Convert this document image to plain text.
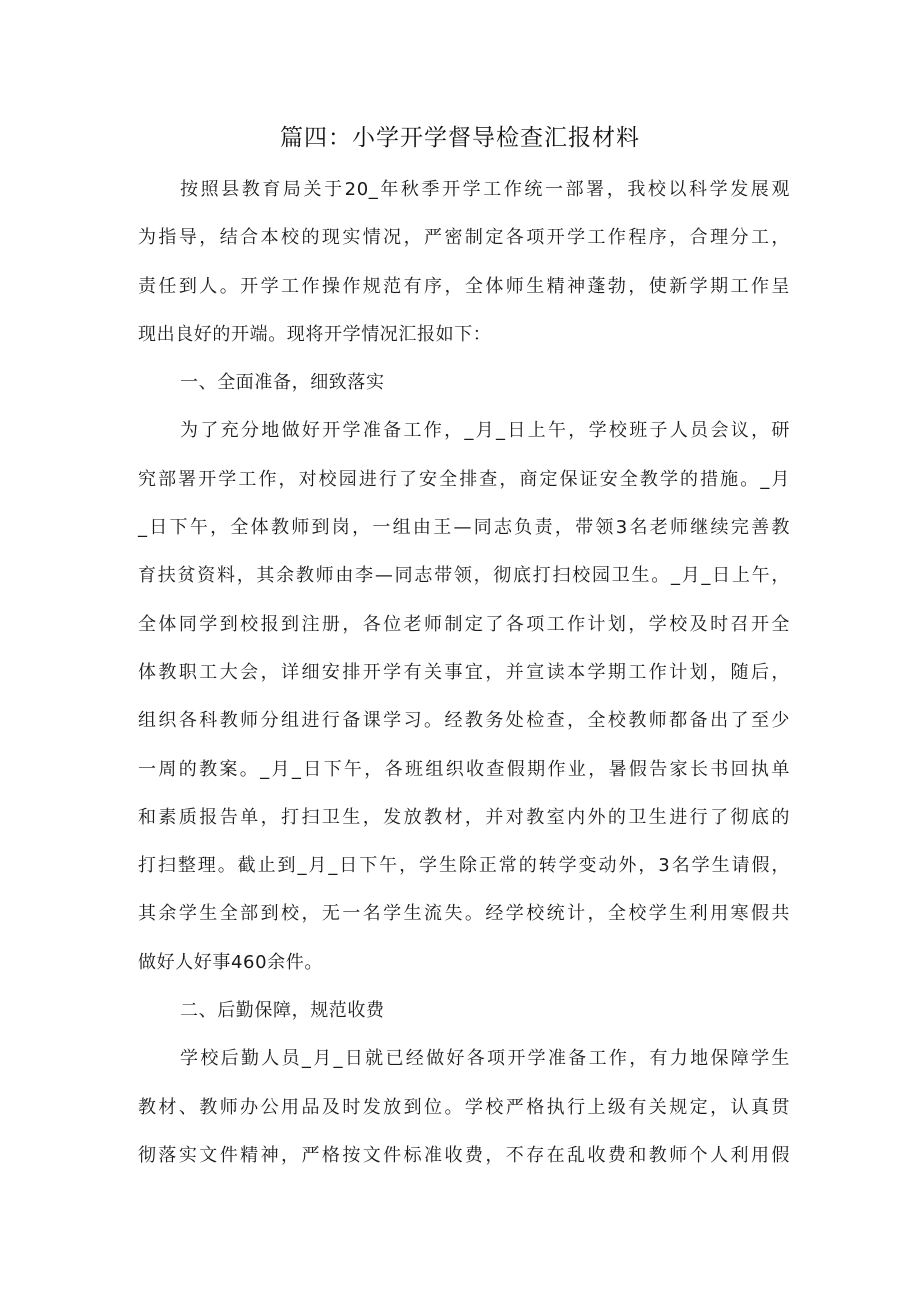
篇四：小学开学督导检查汇报材料
按照县教育局关于20_年秋季开学工作统一部署，我校以科学发展观
为指导，结合本校的现实情况，严密制定各项开学工作程序，合理分工，
责任到人。开学工作操作规范有序，全体师生精神蓬勃，使新学期工作呈
现出良好的开端。现将开学情况汇报如下：
一、全面准备，细致落实
为了充分地做好开学准备工作，_月_日上午，学校班子人员会议，研
究部署开学工作，对校园进行了安全排查，商定保证安全教学的措施。_月
_日下午，全体教师到岗，一组由王—同志负责，带领3名老师继续完善教
育扶贫资料，其余教师由李—同志带领，彻底打扫校园卫生。_月_日上午，
全体同学到校报到注册，各位老师制定了各项工作计划，学校及时召开全
体教职工大会，详细安排开学有关事宜，并宣读本学期工作计划，随后，
组织各科教师分组进行备课学习。经教务处检查，全校教师都备出了至少
一周的教案。_月_日下午，各班组织收查假期作业，暑假告家长书回执单
和素质报告单，打扫卫生，发放教材，并对教室内外的卫生进行了彻底的
打扫整理。截止到_月_日下午，学生除正常的转学变动外，3名学生请假，
其余学生全部到校，无一名学生流失。经学校统计，全校学生利用寒假共
做好人好事460余件。
二、后勤保障，规范收费
学校后勤人员_月_日就已经做好各项开学准备工作，有力地保障学生
教材、教师办公用品及时发放到位。学校严格执行上级有关规定，认真贯
彻落实文件精神，严格按文件标准收费，不存在乱收费和教师个人利用假
